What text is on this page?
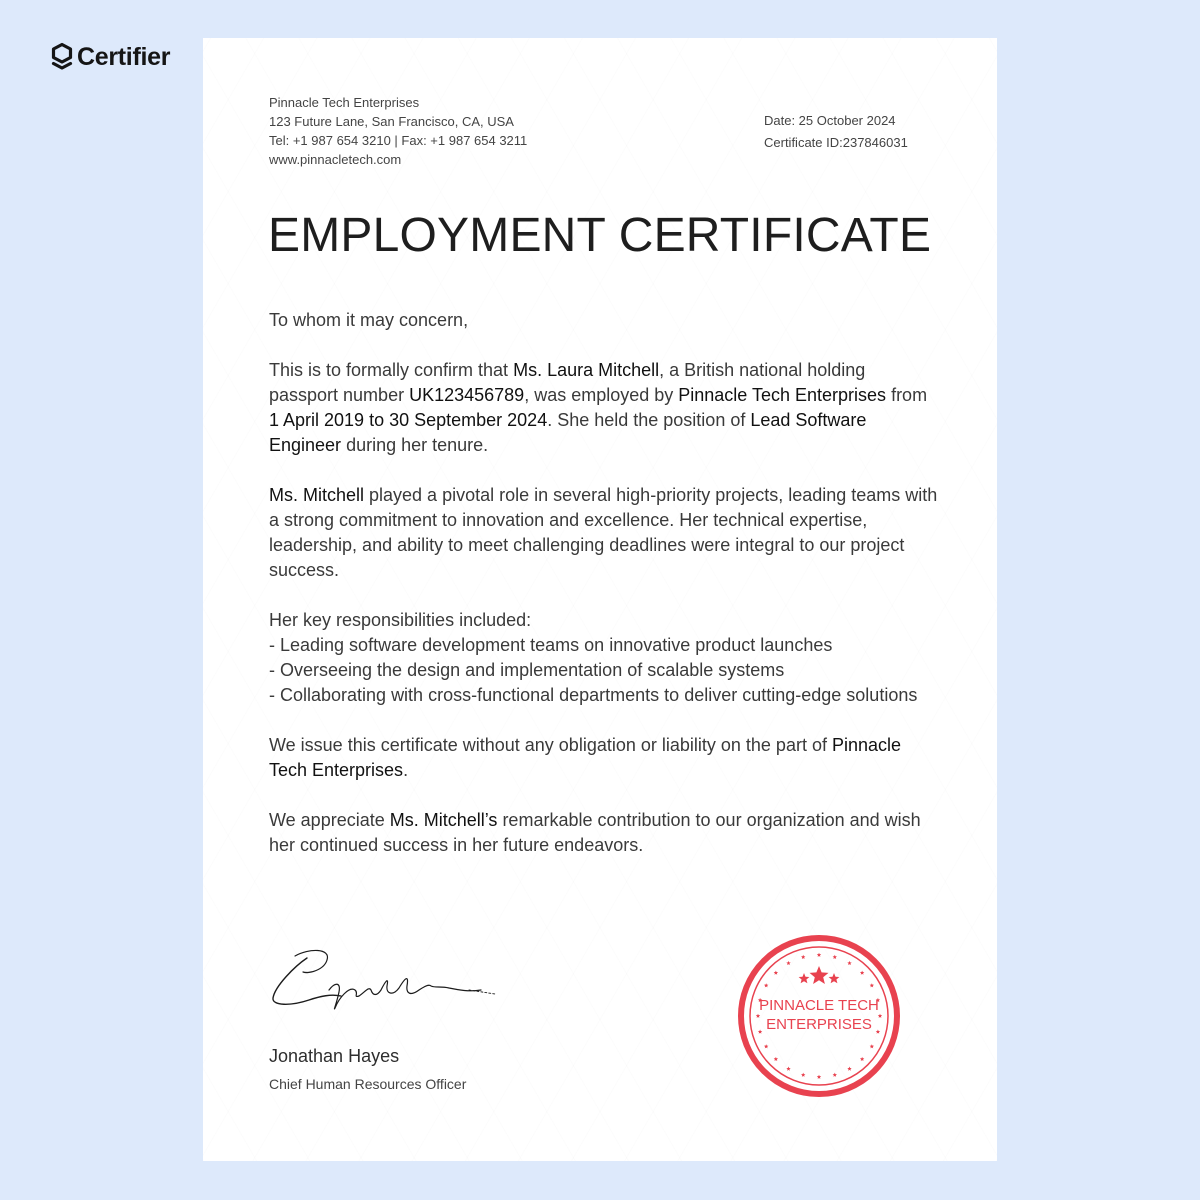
Certifier
Pinnacle Tech Enterprises
123 Future Lane, San Francisco, CA, USA
Tel: +1 987 654 3210 | Fax: +1 987 654 3211
www.pinnacletech.com
Date: 25 October 2024
Certificate ID:237846031
EMPLOYMENT CERTIFICATE

To whom it may concern,

This is to formally confirm that Ms. Laura Mitchell, a British national holding passport number UK123456789, was employed by Pinnacle Tech Enterprises from 1 April 2019 to 30 September 2024. She held the position of Lead Software Engineer during her tenure.

Ms. Mitchell played a pivotal role in several high-priority projects, leading teams with a strong commitment to innovation and excellence. Her technical expertise, leadership, and ability to meet challenging deadlines were integral to our project success.

Her key responsibilities included:

- Leading software development teams on innovative product launches

- Overseeing the design and implementation of scalable systems

- Collaborating with cross-functional departments to deliver cutting-edge solutions

We issue this certificate without any obligation or liability on the part of Pinnacle Tech Enterprises.

We appreciate Ms. Mitchell’s remarkable contribution to our organization and wish her continued success in her future endeavors.

Jonathan Hayes
Chief Human Resources Officer
PINNACLE TECH
ENTERPRISES
